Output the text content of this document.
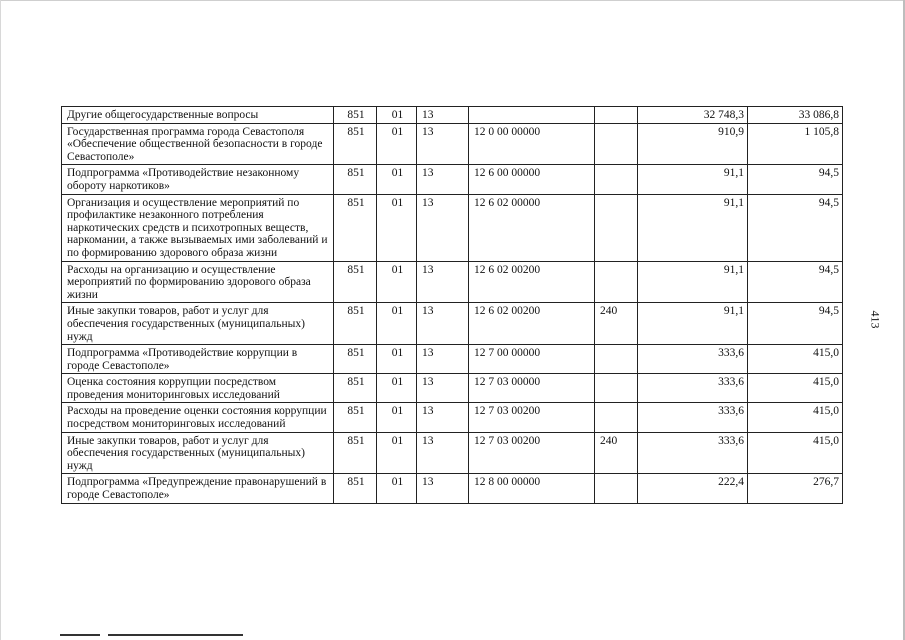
Другие общегосударственные вопросы	851	01	13			32 748,3	33 086,8
Государственная программа города Севастополя «Обеспечение общественной безопасности в городе Севастополе»	851	01	13	12 0 00 00000		910,9	1 105,8
Подпрограмма «Противодействие незаконному обороту наркотиков»	851	01	13	12 6 00 00000		91,1	94,5
Организация и осуществление мероприятий по профилактике незаконного потребления наркотических средств и психотропных веществ, наркомании, а также вызываемых ими заболеваний и по формированию здорового образа жизни	851	01	13	12 6 02 00000		91,1	94,5
Расходы на организацию и осуществление мероприятий по формированию здорового образа жизни	851	01	13	12 6 02 00200		91,1	94,5
Иные закупки товаров, работ и услуг для обеспечения государственных (муниципальных) нужд	851	01	13	12 6 02 00200	240	91,1	94,5
Подпрограмма «Противодействие коррупции в городе Севастополе»	851	01	13	12 7 00 00000		333,6	415,0
Оценка состояния коррупции посредством проведения мониторинговых исследований	851	01	13	12 7 03 00000		333,6	415,0
Расходы на проведение оценки состояния коррупции посредством мониторинговых исследований	851	01	13	12 7 03 00200		333,6	415,0
Иные закупки товаров, работ и услуг для обеспечения государственных (муниципальных) нужд	851	01	13	12 7 03 00200	240	333,6	415,0
Подпрограмма «Предупреждение правонарушений в городе Севастополе»	851	01	13	12 8 00 00000		222,4	276,7
413
